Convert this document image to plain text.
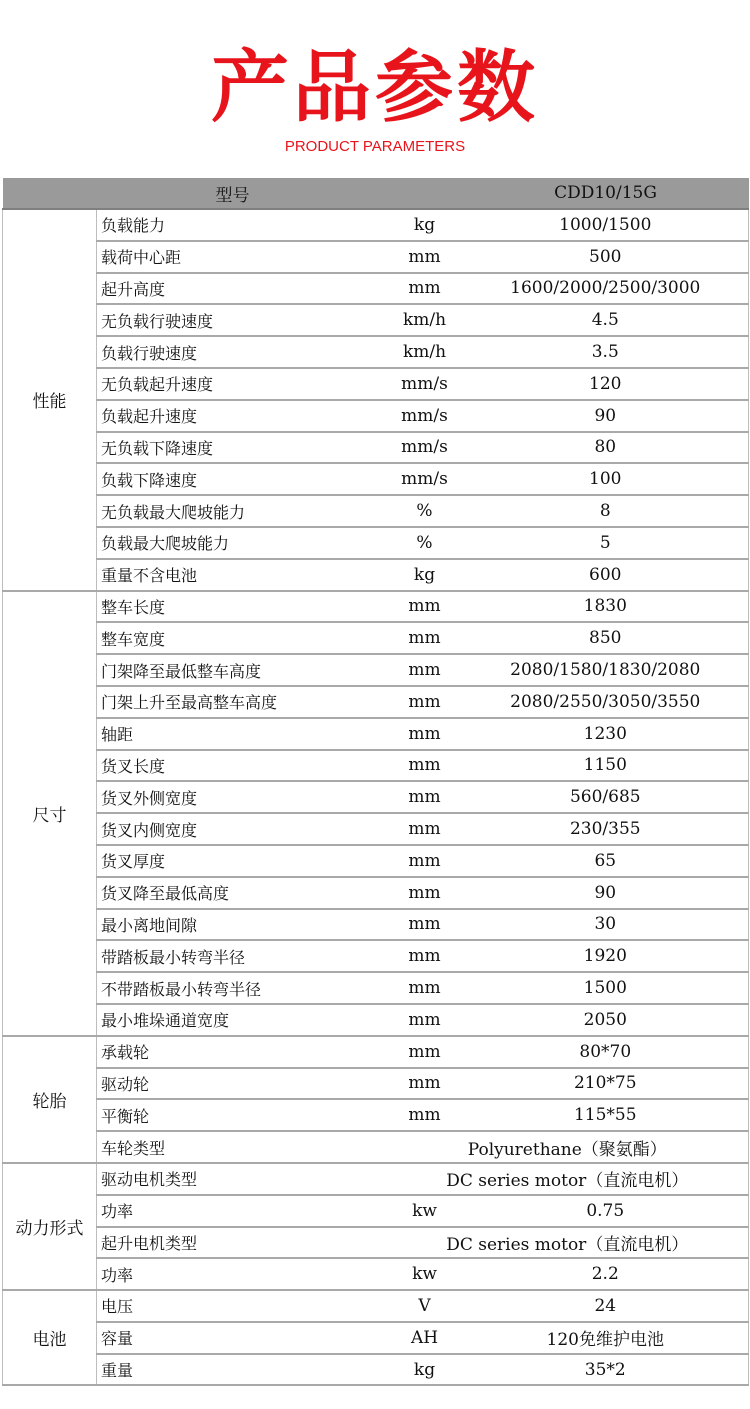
产品参数
PRODUCT PARAMETERS
型号			CDD10/15G
性能	负载能力	kg	1000/1500
	载荷中心距	mm	500
	起升高度	mm	1600/2000/2500/3000
	无负载行驶速度	km/h	4.5
	负载行驶速度	km/h	3.5
	无负载起升速度	mm/s	120
	负载起升速度	mm/s	90
	无负载下降速度	mm/s	80
	负载下降速度	mm/s	100
	无负载最大爬坡能力	%	8
	负载最大爬坡能力	%	5
	重量不含电池	kg	600
尺寸	整车长度	mm	1830
	整车宽度	mm	850
	门架降至最低整车高度	mm	2080/1580/1830/2080
	门架上升至最高整车高度	mm	2080/2550/3050/3550
	轴距	mm	1230
	货叉长度	mm	1150
	货叉外侧宽度	mm	560/685
	货叉内侧宽度	mm	230/355
	货叉厚度	mm	65
	货叉降至最低高度	mm	90
	最小离地间隙	mm	30
	带踏板最小转弯半径	mm	1920
	不带踏板最小转弯半径	mm	1500
	最小堆垛通道宽度	mm	2050
轮胎	承载轮	mm	80*70
	驱动轮	mm	210*75
	平衡轮	mm	115*55
	车轮类型	Polyurethane（聚氨酯）	
动力形式	驱动电机类型	DC series motor（直流电机）	
	功率	kw	0.75
	起升电机类型	DC series motor（直流电机）	
	功率	kw	2.2
电池	电压	V	24
	容量	AH	120免维护电池
	重量	kg	35*2
